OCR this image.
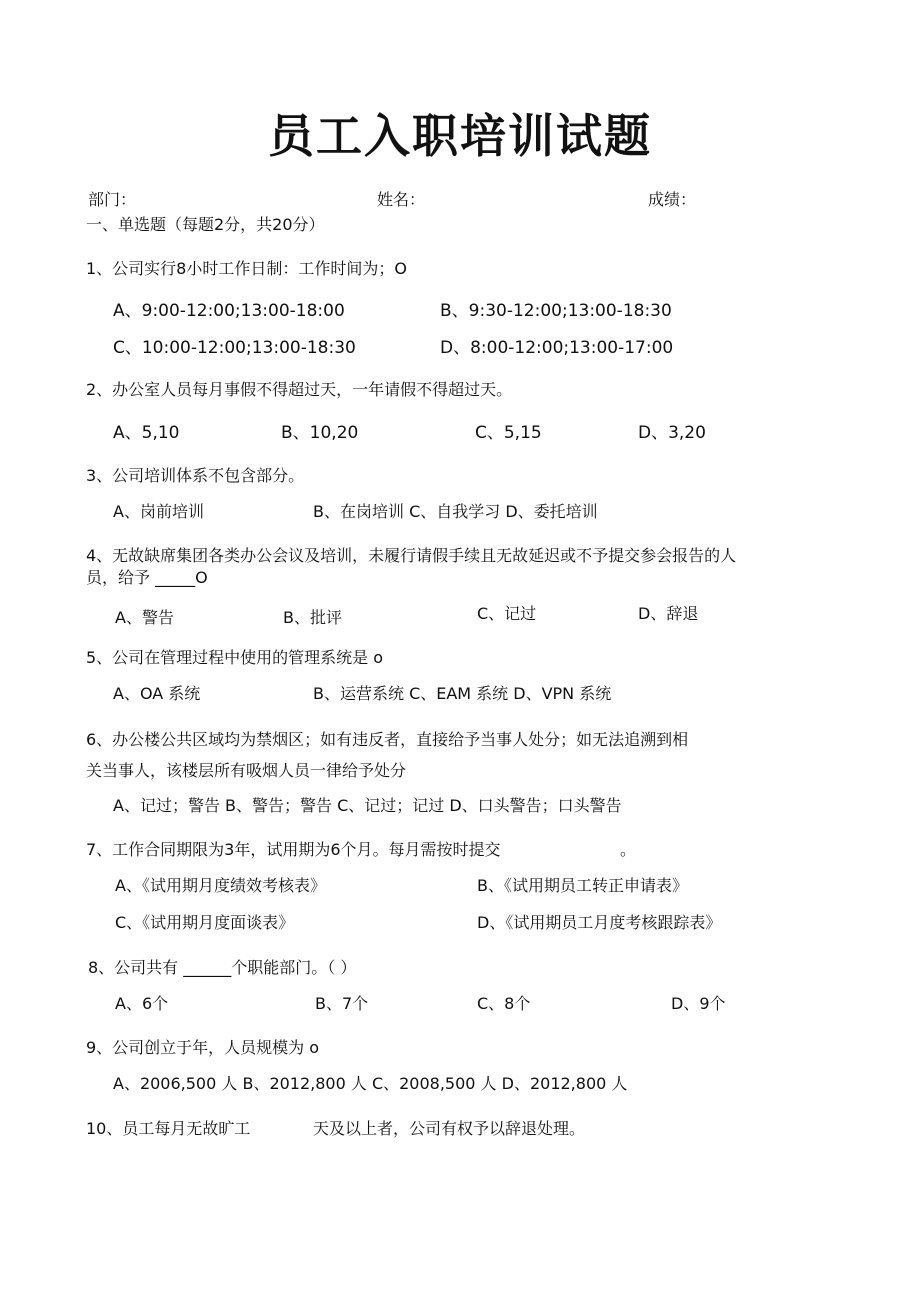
员工入职培训试题
部门：	姓名：	成绩：
一、单选题（每题2分，共20分）
1、公司实行8小时工作日制：工作时间为；O
A、9:00-12:00;13:00-18:00	B、9:30-12:00;13:00-18:30
C、10:00-12:00;13:00-18:30	D、8:00-12:00;13:00-17:00
2、办公室人员每月事假不得超过天，一年请假不得超过天。
A、5,10	B、10,20	C、5,15	D、3,20
3、公司培训体系不包含部分。
A、岗前培训	B、在岗培训 C、自我学习 D、委托培训
4、无故缺席集团各类办公会议及培训，未履行请假手续且无故延迟或不予提交参会报告的人
员，给予 _____O
A、警告	B、批评	C、记过	D、辞退
5、公司在管理过程中使用的管理系统是 o
A、OA 系统	B、运营系统 C、EAM 系统 D、VPN 系统
6、办公楼公共区域均为禁烟区；如有违反者，直接给予当事人处分；如无法追溯到相
关当事人，该楼层所有吸烟人员一律给予处分
A、记过；警告 B、警告；警告 C、记过；记过 D、口头警告；口头警告
7、工作合同期限为3年，试用期为6个月。每月需按时提交	。
A、《试用期月度绩效考核表》	B、《试用期员工转正申请表》
C、《试用期月度面谈表》	D、《试用期员工月度考核跟踪表》
8、公司共有 ______个职能部门。（ ）
A、6个	B、7个	C、8个	D、9个
9、公司创立于年，人员规模为 o
A、2006,500 人 B、2012,800 人 C、2008,500 人 D、2012,800 人
10、员工每月无故旷工	天及以上者，公司有权予以辞退处理。
